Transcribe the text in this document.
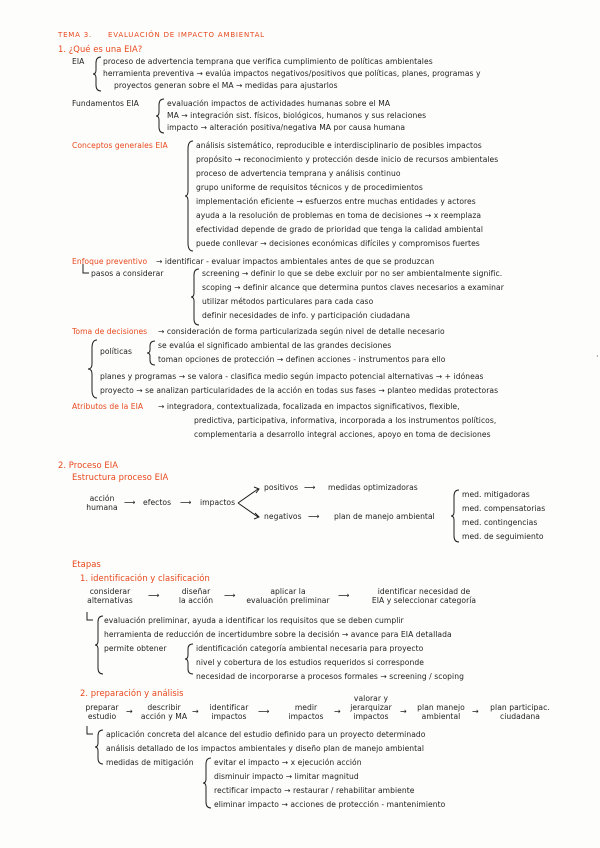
TEMA 3. EVALUACIÓN DE IMPACTO AMBIENTAL
1. ¿Qué es una EIA?
EIA proceso de advertencia temprana que verifica cumplimiento de políticas ambientales
herramienta preventiva → evalúa impactos negativos/positivos que políticas, planes, programas y
proyectos generan sobre el MA → medidas para ajustarlos
Fundamentos EIA	evaluación impactos de actividades humanas sobre el MA
MA → integración sist. físicos, biológicos, humanos y sus relaciones
impacto → alteración positiva/negativa MA por causa humana
Conceptos generales EIA	análisis sistemático, reproducible e interdisciplinario de posibles impactos
propósito → reconocimiento y protección desde inicio de recursos ambientales
proceso de advertencia temprana y análisis continuo
grupo uniforme de requisitos técnicos y de procedimientos
implementación eficiente → esfuerzos entre muchas entidades y actores
ayuda a la resolución de problemas en toma de decisiones → x reemplaza
efectividad depende de grado de prioridad que tenga la calidad ambiental
puede conllevar → decisiones económicas difíciles y compromisos fuertes
Enfoque preventivo → identificar - evaluar impactos ambientales antes de que se produzcan
pasos a considerar	screening → definir lo que se debe excluir por no ser ambientalmente signific.
scoping → definir alcance que determina puntos claves necesarios a examinar
utilizar métodos particulares para cada caso
definir necesidades de info. y participación ciudadana
Toma de decisiones → consideración de forma particularizada según nivel de detalle necesario
políticas
se evalúa el significado ambiental de las grandes decisiones
toman opciones de protección → definen acciones - instrumentos para ello
planes y programas → se valora - clasifica medio según impacto potencial alternativas → + idóneas
proyecto → se analizan particularidades de la acción en todas sus fases → planteo medidas protectoras
Atributos de la EIA → integradora, contextualizada, focalizada en impactos significativos, flexible,
predictiva, participativa, informativa, incorporada a los instrumentos políticos,
complementaria a desarrollo integral acciones, apoyo en toma de decisiones
·
2. Proceso EIA
Estructura proceso EIA
acción
humana
⟶ efectos ⟶ impactos
positivos ⟶ medidas optimizadoras
negativos ⟶ plan de manejo ambiental
med. mitigadoras
med. compensatorias
med. contingencias
med. de seguimiento
Etapas
1. identificación y clasificación
considerar
alternativas
⟶	diseñar
la acción
⟶	aplicar la
evaluación preliminar
⟶	identificar necesidad de
EIA y seleccionar categoría
evaluación preliminar, ayuda a identificar los requisitos que se deben cumplir
herramienta de reducción de incertidumbre sobre la decisión → avance para EIA detallada
permite obtener	identificación categoría ambiental necesaria para proyecto
nivel y cobertura de los estudios requeridos si corresponde
necesidad de incorporarse a procesos formales → screening / scoping
2. preparación y análisis
preparar
estudio
→	describir
acción y MA
→	identificar
impactos
⟶	medir
impactos
→
valorar y
jerarquizar
impactos
→	plan manejo
ambiental
→	plan participac.
ciudadana
aplicación concreta del alcance del estudio definido para un proyecto determinado
análisis detallado de los impactos ambientales y diseño plan de manejo ambiental
medidas de mitigación	evitar el impacto → x ejecución acción
disminuir impacto → limitar magnitud
rectificar impacto → restaurar / rehabilitar ambiente
eliminar impacto → acciones de protección - mantenimiento
